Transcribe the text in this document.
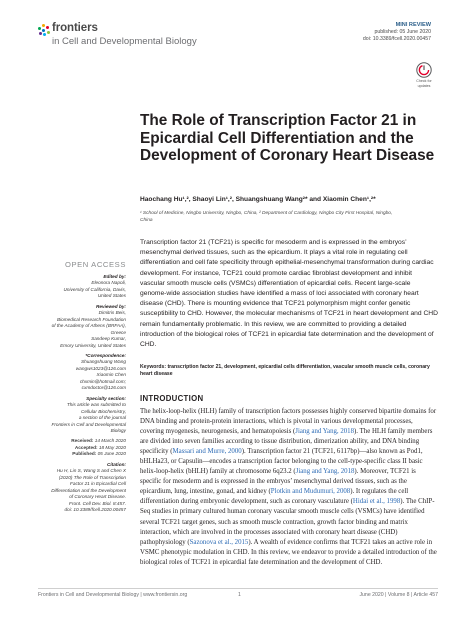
frontiers
in Cell and Developmental Biology
MINI REVIEW
published: 05 June 2020
doi: 10.3389/fcell.2020.00457
Check for
updates
The Role of Transcription Factor 21 in Epicardial Cell Differentiation and the Development of Coronary Heart Disease
Haochang Hu¹,², Shaoyi Lin¹,², Shuangshuang Wang²* and Xiaomin Chen¹,²*
¹ School of Medicine, Ningbo University, Ningbo, China, ² Department of Cardiology, Ningbo City First Hospital, Ningbo,
China

Transcription factor 21 (TCF21) is specific for mesoderm and is expressed in the embryos’ mesenchymal derived tissues, such as the epicardium. It plays a vital role in regulating cell differentiation and cell fate specificity through epithelial-mesenchymal transformation during cardiac development. For instance, TCF21 could promote cardiac fibroblast development and inhibit vascular smooth muscle cells (VSMCs) differentiation of epicardial cells. Recent large-scale genome-wide association studies have identified a mass of loci associated with coronary heart disease (CHD). There is mounting evidence that TCF21 polymorphism might confer genetic susceptibility to CHD. However, the molecular mechanisms of TCF21 in heart development and CHD remain fundamentally problematic. In this review, we are committed to providing a detailed introduction of the biological roles of TCF21 in epicardial fate determination and the development of CHD.

Keywords: transcription factor 21, development, epicardial cells differentiation, vascular smooth muscle cells, coronary heart disease

OPEN ACCESS
Edited by:
Eleonora Napoli,
University of California, Davis,
United States
Reviewed by:
Dimitris Beis,
Biomedical Research Foundation
of the Academy of Athens (BRFAA),
Greece
Sandeep Kumar,
Emory University, United States
*Correspondence:
Shuangshuang Wang
wangws1023@126.com
Xiaomin Chen
chxmin@hotmail.com;
cxmdoctor@126.com
Specialty section:
This article was submitted to
Cellular Biochemistry,
a section of the journal
Frontiers in Cell and Developmental
Biology
Received: 14 March 2020
Accepted: 18 May 2020
Published: 05 June 2020
Citation:
Hu H, Lin S, Wang S and Chen X
(2020) The Role of Transcription
Factor 21 in Epicardial Cell
Differentiation and the Development
of Coronary Heart Disease.
Front. Cell Dev. Biol. 8:457.
doi: 10.3389/fcell.2020.00457
INTRODUCTION

The helix-loop-helix (HLH) family of transcription factors possesses highly conserved bipartite domains for DNA binding and protein-protein interactions, which is pivotal in various developmental processes, covering myogenesis, neurogenesis, and hematopoiesis (Jiang and Yang, 2018). The HLH family members are divided into seven families according to tissue distribution, dimerization ability, and DNA binding specificity (Massari and Murre, 2000). Transcription factor 21 (TCF21, 6117bp)—also known as Pod1, bHLHa23, or Capsulin—encodes a transcription factor belonging to the cell-type-specific class II basic helix-loop-helix (bHLH) family at chromosome 6q23.2 (Jiang and Yang, 2018). Moreover, TCF21 is specific for mesoderm and is expressed in the embryos’ mesenchymal derived tissues, such as the epicardium, lung, intestine, gonad, and kidney (Plotkin and Mudumuri, 2008). It regulates the cell differentiation during embryonic development, such as coronary vasculature (Hidai et al., 1998). The ChIP-Seq studies in primary cultured human coronary vascular smooth muscle cells (VSMCs) have identified several TCF21 target genes, such as smooth muscle contraction, growth factor binding and matrix interaction, which are involved in the processes associated with coronary heart disease (CHD) pathophysiology (Sazonova et al., 2015). A wealth of evidence confirms that TCF21 takes an active role in VSMC phenotypic modulation in CHD. In this review, we endeavor to provide a detailed introduction of the biological roles of TCF21 in epicardial fate determination and the development of CHD.

Frontiers in Cell and Developmental Biology | www.frontiersin.org	1	June 2020 | Volume 8 | Article 457
